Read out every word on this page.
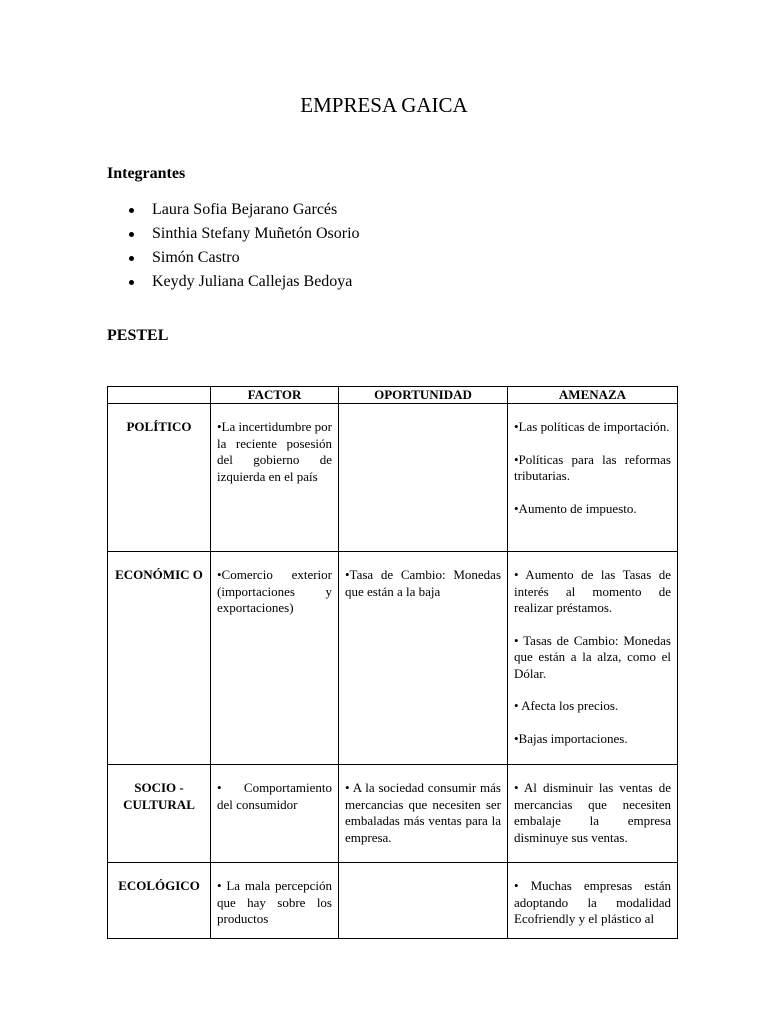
EMPRESA GAICA
Integrantes
Laura Sofia Bejarano Garcés
Sinthia Stefany Muñetón Osorio
Simón Castro
Keydy Juliana Callejas Bedoya
PESTEL
	FACTOR	OPORTUNIDAD	AMENAZA
POLÍTICO	•La incertidumbre por la reciente posesión del gobierno de izquierda en el país		•Las políticas de importación.

•Políticas para las reformas tributarias.

•Aumento de impuesto.

ECONÓMIC O	•Comercio exterior (importaciones y exportaciones)	•Tasa de Cambio: Monedas que están a la baja	• Aumento de las Tasas de interés al momento de realizar préstamos.

• Tasas de Cambio: Monedas que están a la alza, como el Dólar.

• Afecta los precios.

•Bajas importaciones.

SOCIO - CULTURAL	• Comportamiento del consumidor	• A la sociedad consumir más mercancias que necesiten ser embaladas más ventas para la empresa.	• Al disminuir las ventas de mercancias que necesiten embalaje la empresa disminuye sus ventas.

ECOLÓGICO	• La mala percepción que hay sobre los productos		• Muchas empresas están adoptando la modalidad Ecofriendly y el plástico al
